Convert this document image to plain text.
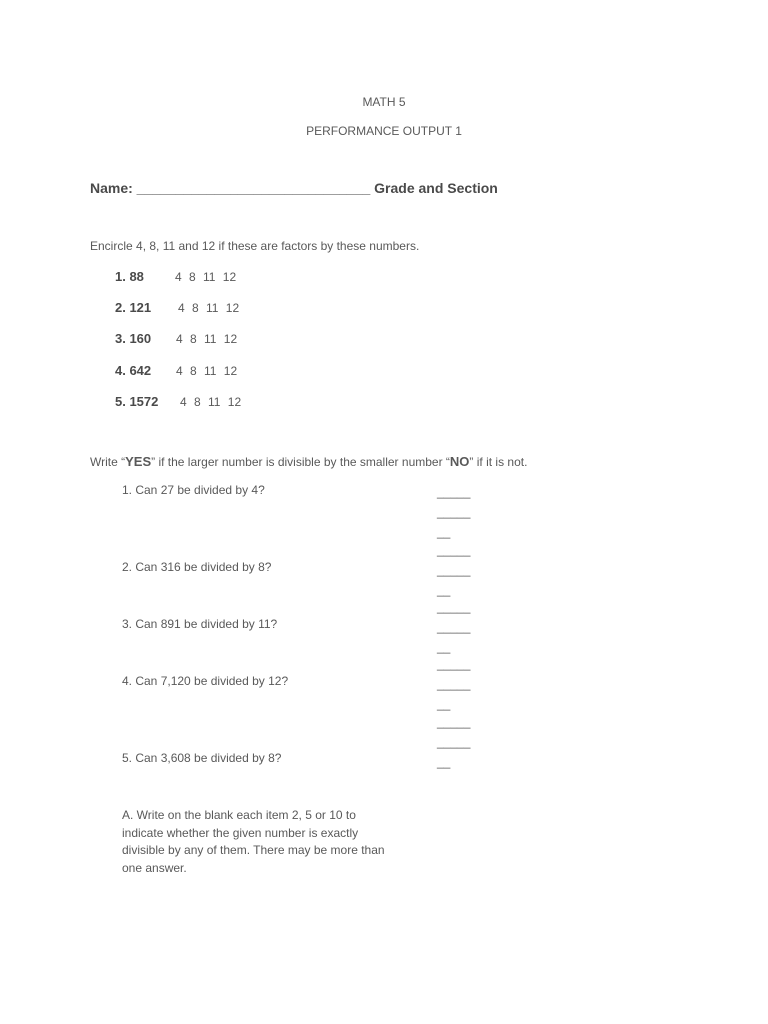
MATH 5
PERFORMANCE OUTPUT 1
Name: ______________________________ Grade and Section
Encircle 4, 8, 11 and 12 if these are factors by these numbers.
1. 88	4 8 11 12
2. 121 4 8 11 12
3. 160 4 8 11 12
4. 642 4 8 11 12
5. 1572 4 8 11 12
Write “YES” if the larger number is divisible by the smaller number “NO” if it is not.
1. Can 27 be divided by 4?
2. Can 316 be divided by 8?
3. Can 891 be divided by 11?
4. Can 7,120 be divided by 12?
5. Can 3,608 be divided by 8?
_____
_____
__
_____
_____
__
_____
_____
__
_____
_____
__
_____
_____
__
A. Write on the blank each item 2, 5 or 10 to indicate whether the given number is exactly divisible by any of them. There may be more than one answer.
